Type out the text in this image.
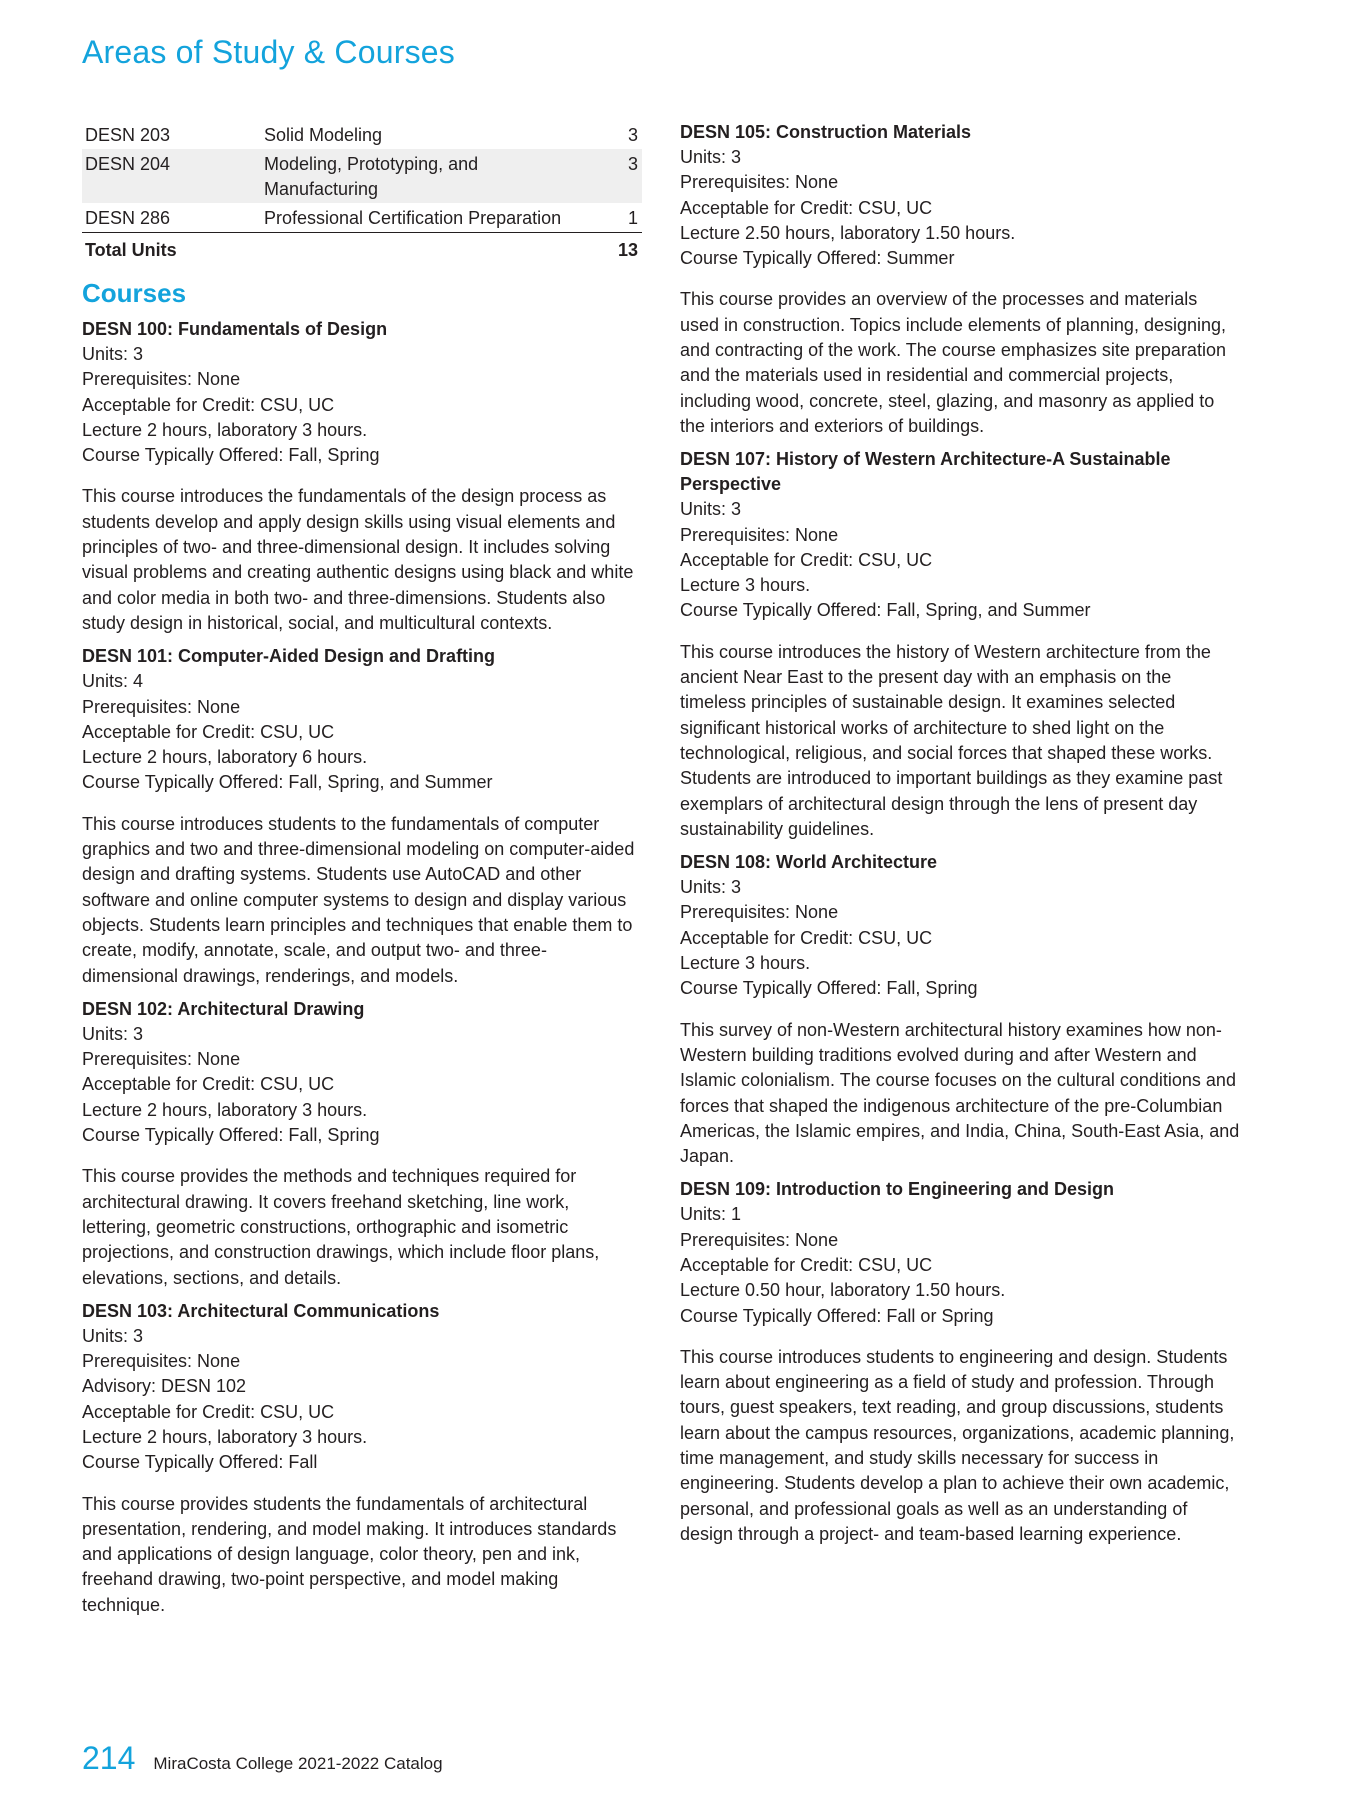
Areas of Study & Courses
DESN 203	Solid Modeling	3
DESN 204	Modeling, Prototyping, and Manufacturing	3
DESN 286	Professional Certification Preparation	1
Total Units		13
Courses
DESN 100: Fundamentals of Design
Units: 3
Prerequisites: None
Acceptable for Credit: CSU, UC
Lecture 2 hours, laboratory 3 hours.
Course Typically Offered: Fall, Spring

This course introduces the fundamentals of the design process as students develop and apply design skills using visual elements and principles of two- and three-dimensional design. It includes solving visual problems and creating authentic designs using black and white and color media in both two- and three-dimensions. Students also study design in historical, social, and multicultural contexts.

DESN 101: Computer-Aided Design and Drafting
Units: 4
Prerequisites: None
Acceptable for Credit: CSU, UC
Lecture 2 hours, laboratory 6 hours.
Course Typically Offered: Fall, Spring, and Summer

This course introduces students to the fundamentals of computer graphics and two and three-dimensional modeling on computer-aided design and drafting systems. Students use AutoCAD and other software and online computer systems to design and display various objects. Students learn principles and techniques that enable them to create, modify, annotate, scale, and output two- and three-dimensional drawings, renderings, and models.

DESN 102: Architectural Drawing
Units: 3
Prerequisites: None
Acceptable for Credit: CSU, UC
Lecture 2 hours, laboratory 3 hours.
Course Typically Offered: Fall, Spring

This course provides the methods and techniques required for architectural drawing. It covers freehand sketching, line work, lettering, geometric constructions, orthographic and isometric projections, and construction drawings, which include floor plans, elevations, sections, and details.

DESN 103: Architectural Communications
Units: 3
Prerequisites: None
Advisory: DESN 102
Acceptable for Credit: CSU, UC
Lecture 2 hours, laboratory 3 hours.
Course Typically Offered: Fall

This course provides students the fundamentals of architectural presentation, rendering, and model making. It introduces standards and applications of design language, color theory, pen and ink, freehand drawing, two-point perspective, and model making technique.

DESN 105: Construction Materials
Units: 3
Prerequisites: None
Acceptable for Credit: CSU, UC
Lecture 2.50 hours, laboratory 1.50 hours.
Course Typically Offered: Summer

This course provides an overview of the processes and materials used in construction. Topics include elements of planning, designing, and contracting of the work. The course emphasizes site preparation and the materials used in residential and commercial projects, including wood, concrete, steel, glazing, and masonry as applied to the interiors and exteriors of buildings.

DESN 107: History of Western Architecture-A Sustainable Perspective
Units: 3
Prerequisites: None
Acceptable for Credit: CSU, UC
Lecture 3 hours.
Course Typically Offered: Fall, Spring, and Summer

This course introduces the history of Western architecture from the ancient Near East to the present day with an emphasis on the timeless principles of sustainable design. It examines selected significant historical works of architecture to shed light on the technological, religious, and social forces that shaped these works. Students are introduced to important buildings as they examine past exemplars of architectural design through the lens of present day sustainability guidelines.

DESN 108: World Architecture
Units: 3
Prerequisites: None
Acceptable for Credit: CSU, UC
Lecture 3 hours.
Course Typically Offered: Fall, Spring

This survey of non-Western architectural history examines how non-Western building traditions evolved during and after Western and Islamic colonialism. The course focuses on the cultural conditions and forces that shaped the indigenous architecture of the pre-Columbian Americas, the Islamic empires, and India, China, South-East Asia, and Japan.

DESN 109: Introduction to Engineering and Design
Units: 1
Prerequisites: None
Acceptable for Credit: CSU, UC
Lecture 0.50 hour, laboratory 1.50 hours.
Course Typically Offered: Fall or Spring

This course introduces students to engineering and design. Students learn about engineering as a field of study and profession. Through tours, guest speakers, text reading, and group discussions, students learn about the campus resources, organizations, academic planning, time management, and study skills necessary for success in engineering. Students develop a plan to achieve their own academic, personal, and professional goals as well as an understanding of design through a project- and team-based learning experience.

214 MiraCosta College 2021-2022 Catalog
